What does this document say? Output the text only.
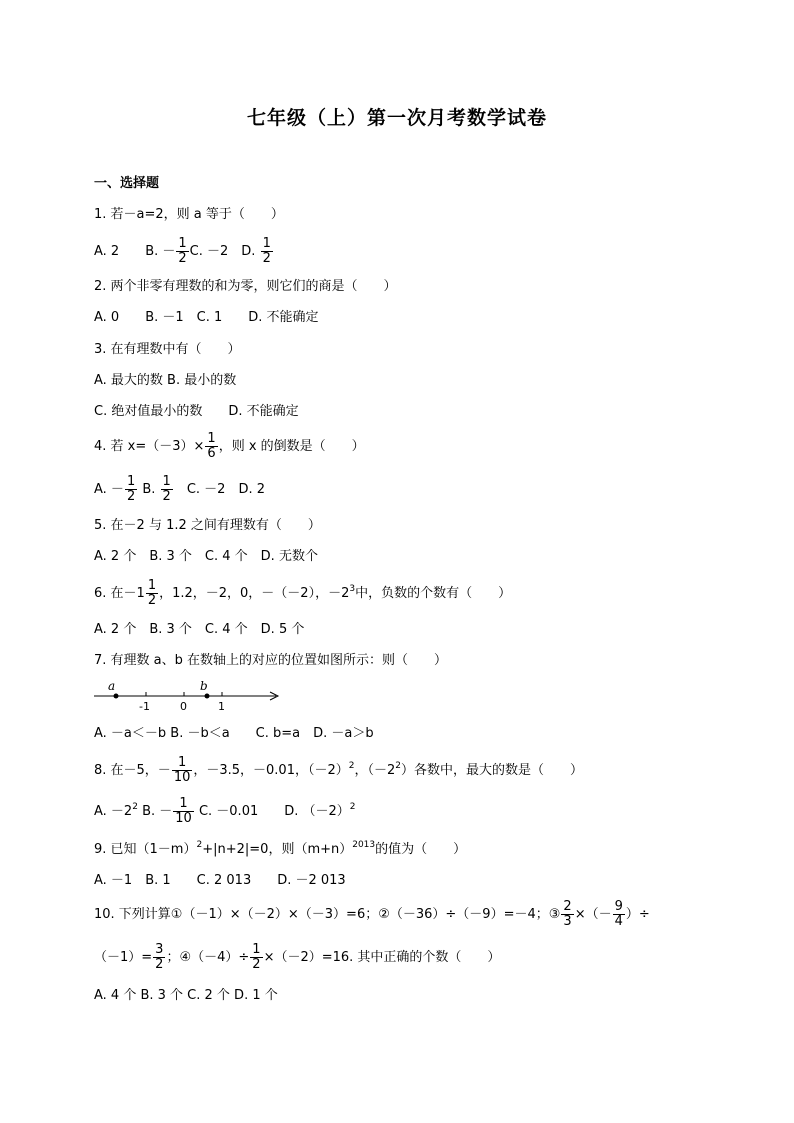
七年级（上）第一次月考数学试卷
一、选择题
1. 若－a=2，则 a 等于（　　）
A. 2　　B. － $\frac{1}{2} C$. －2　D. $\frac{1}{2}$
2. 两个非零有理数的和为零，则它们的商是（　　）
A. 0　　B. －1　C. 1　　D. 不能确定
3. 在有理数中有（　　）
A. 最大的数 B. 最小的数
C. 绝对值最小的数　　D. 不能确定
4. 若 $x=(-3)\times \frac{1}{6}$ ，则 x 的倒数是（　　）
A. － $\frac{1}{2} B$. $\frac{1}{2}$ 　C. －2　D. 2
5. 在－2 与 1.2 之间有理数有（　　）
A. 2 个　B. 3 个　C. 4 个　D. 无数个
6. 在$-1 \frac{1}{2}$ ，1.2，－2，0，－（－2），$-2^3$中，负数的个数有（　　）
A. 2 个　B. 3 个　C. 4 个　D. 5 个
7. 有理数 a、b 在数轴上的对应的位置如图所示：则（　　）
a	b
-1	0	1
A. －a＜－b B. －b＜a　　C. b=a　D. －a＞b
8. 在－5，－ $\frac{1}{10}$ ，－3.5，－0.01，$(-2)^2$，$(-2^2)$各数中，最大的数是（　　）
A. $-2^2$ B. － $\frac{1}{10} C$. －0.01　　D. $(-2)^2$
9. 已知$(1-m)^2+|n+2|=0$，则$(m+n)^{2013}$的值为（　　）
A. －1　B. 1　　C. 2 013　　D. －2 013
10. 下列计算①（－1）×（－2）×（－3）=6；②（－36）÷（－9）=－4；③ $\frac{2}{3}$ ×（－ $\frac{9}{4}$ ）÷
$(-1)= \frac{3}{2}$ ；④（－4）÷ $\frac{1}{2} \times(-2)=16$. 其中正确的个数（　　）
A. 4 个 B. 3 个 C. 2 个 D. 1 个
